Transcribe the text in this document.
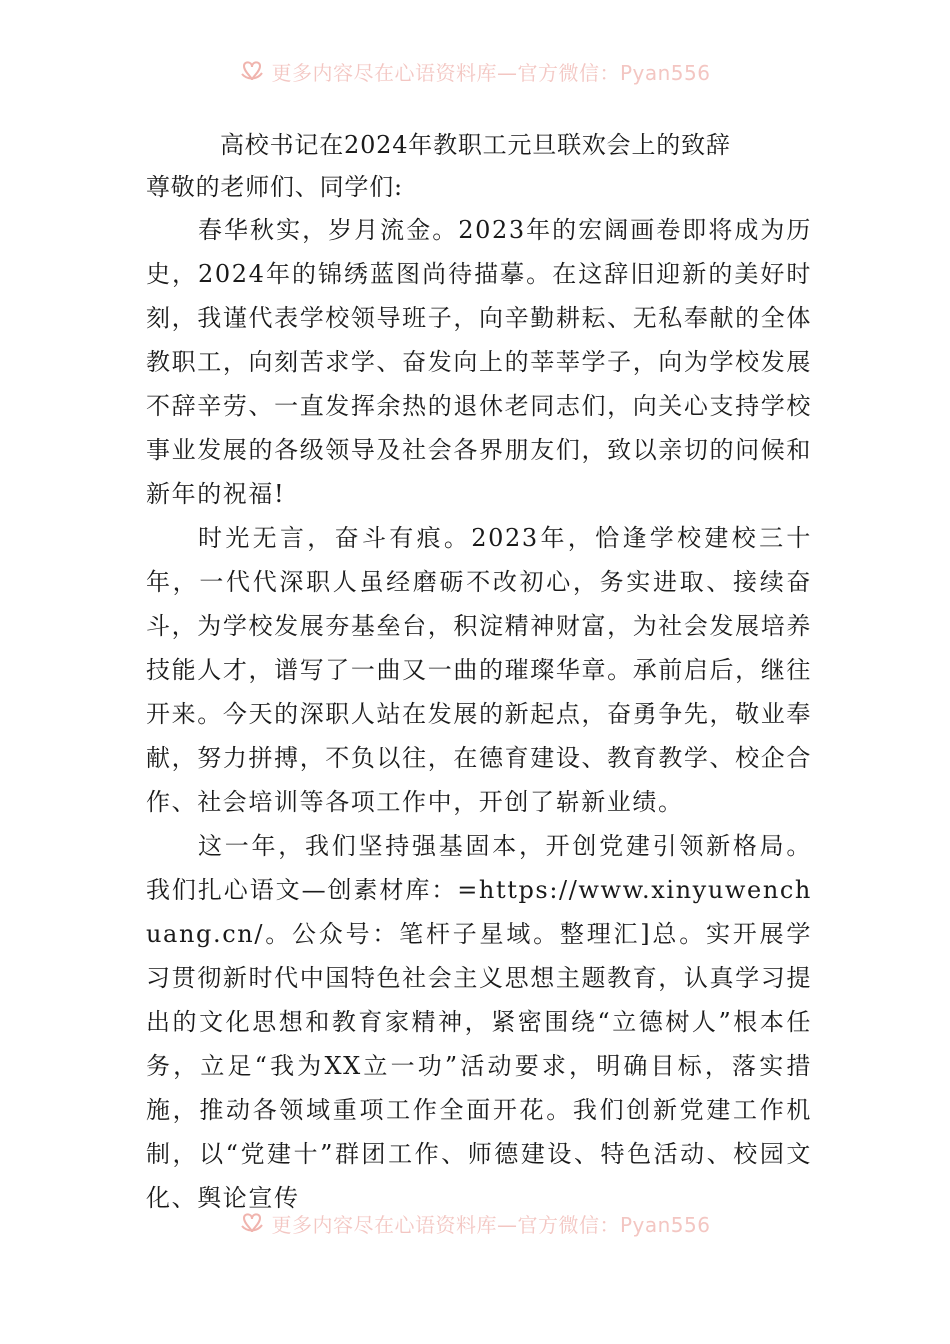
更多内容尽在心语资料库—官方微信：Pyan556
高校书记在2024年教职工元旦联欢会上的致辞

尊敬的老师们、同学们:

春华秋实，岁月流金。2023年的宏阔画卷即将成为历史，2024年的锦绣蓝图尚待描摹。在这辞旧迎新的美好时刻，我谨代表学校领导班子，向辛勤耕耘、无私奉献的全体教职工，向刻苦求学、奋发向上的莘莘学子，向为学校发展不辞辛劳、一直发挥余热的退休老同志们，向关心支持学校事业发展的各级领导及社会各界朋友们，致以亲切的问候和新年的祝福!

时光无言，奋斗有痕。2023年，恰逢学校建校三十年，一代代深职人虽经磨砺不改初心，务实进取、接续奋斗，为学校发展夯基垒台，积淀精神财富，为社会发展培养技能人才，谱写了一曲又一曲的璀璨华章。承前启后，继往开来。今天的深职人站在发展的新起点，奋勇争先，敬业奉献，努力拼搏，不负以往，在德育建设、教育教学、校企合作、社会培训等各项工作中，开创了崭新业绩。

这一年，我们坚持强基固本，开创党建引领新格局。我们扎心语文—创素材库：=https://www.xinyuwenchuang.cn/。公众号：笔杆子星域。整理汇]总。实开展学习贯彻新时代中国特色社会主义思想主题教育，认真学习提出的文化思想和教育家精神，紧密围绕“立德树人”根本任务，立足“我为XX立一功”活动要求，明确目标，落实措施，推动各领域重项工作全面开花。我们创新党建工作机制，以“党建十”群团工作、师德建设、特色活动、校园文化、舆论宣传

更多内容尽在心语资料库—官方微信：Pyan556
